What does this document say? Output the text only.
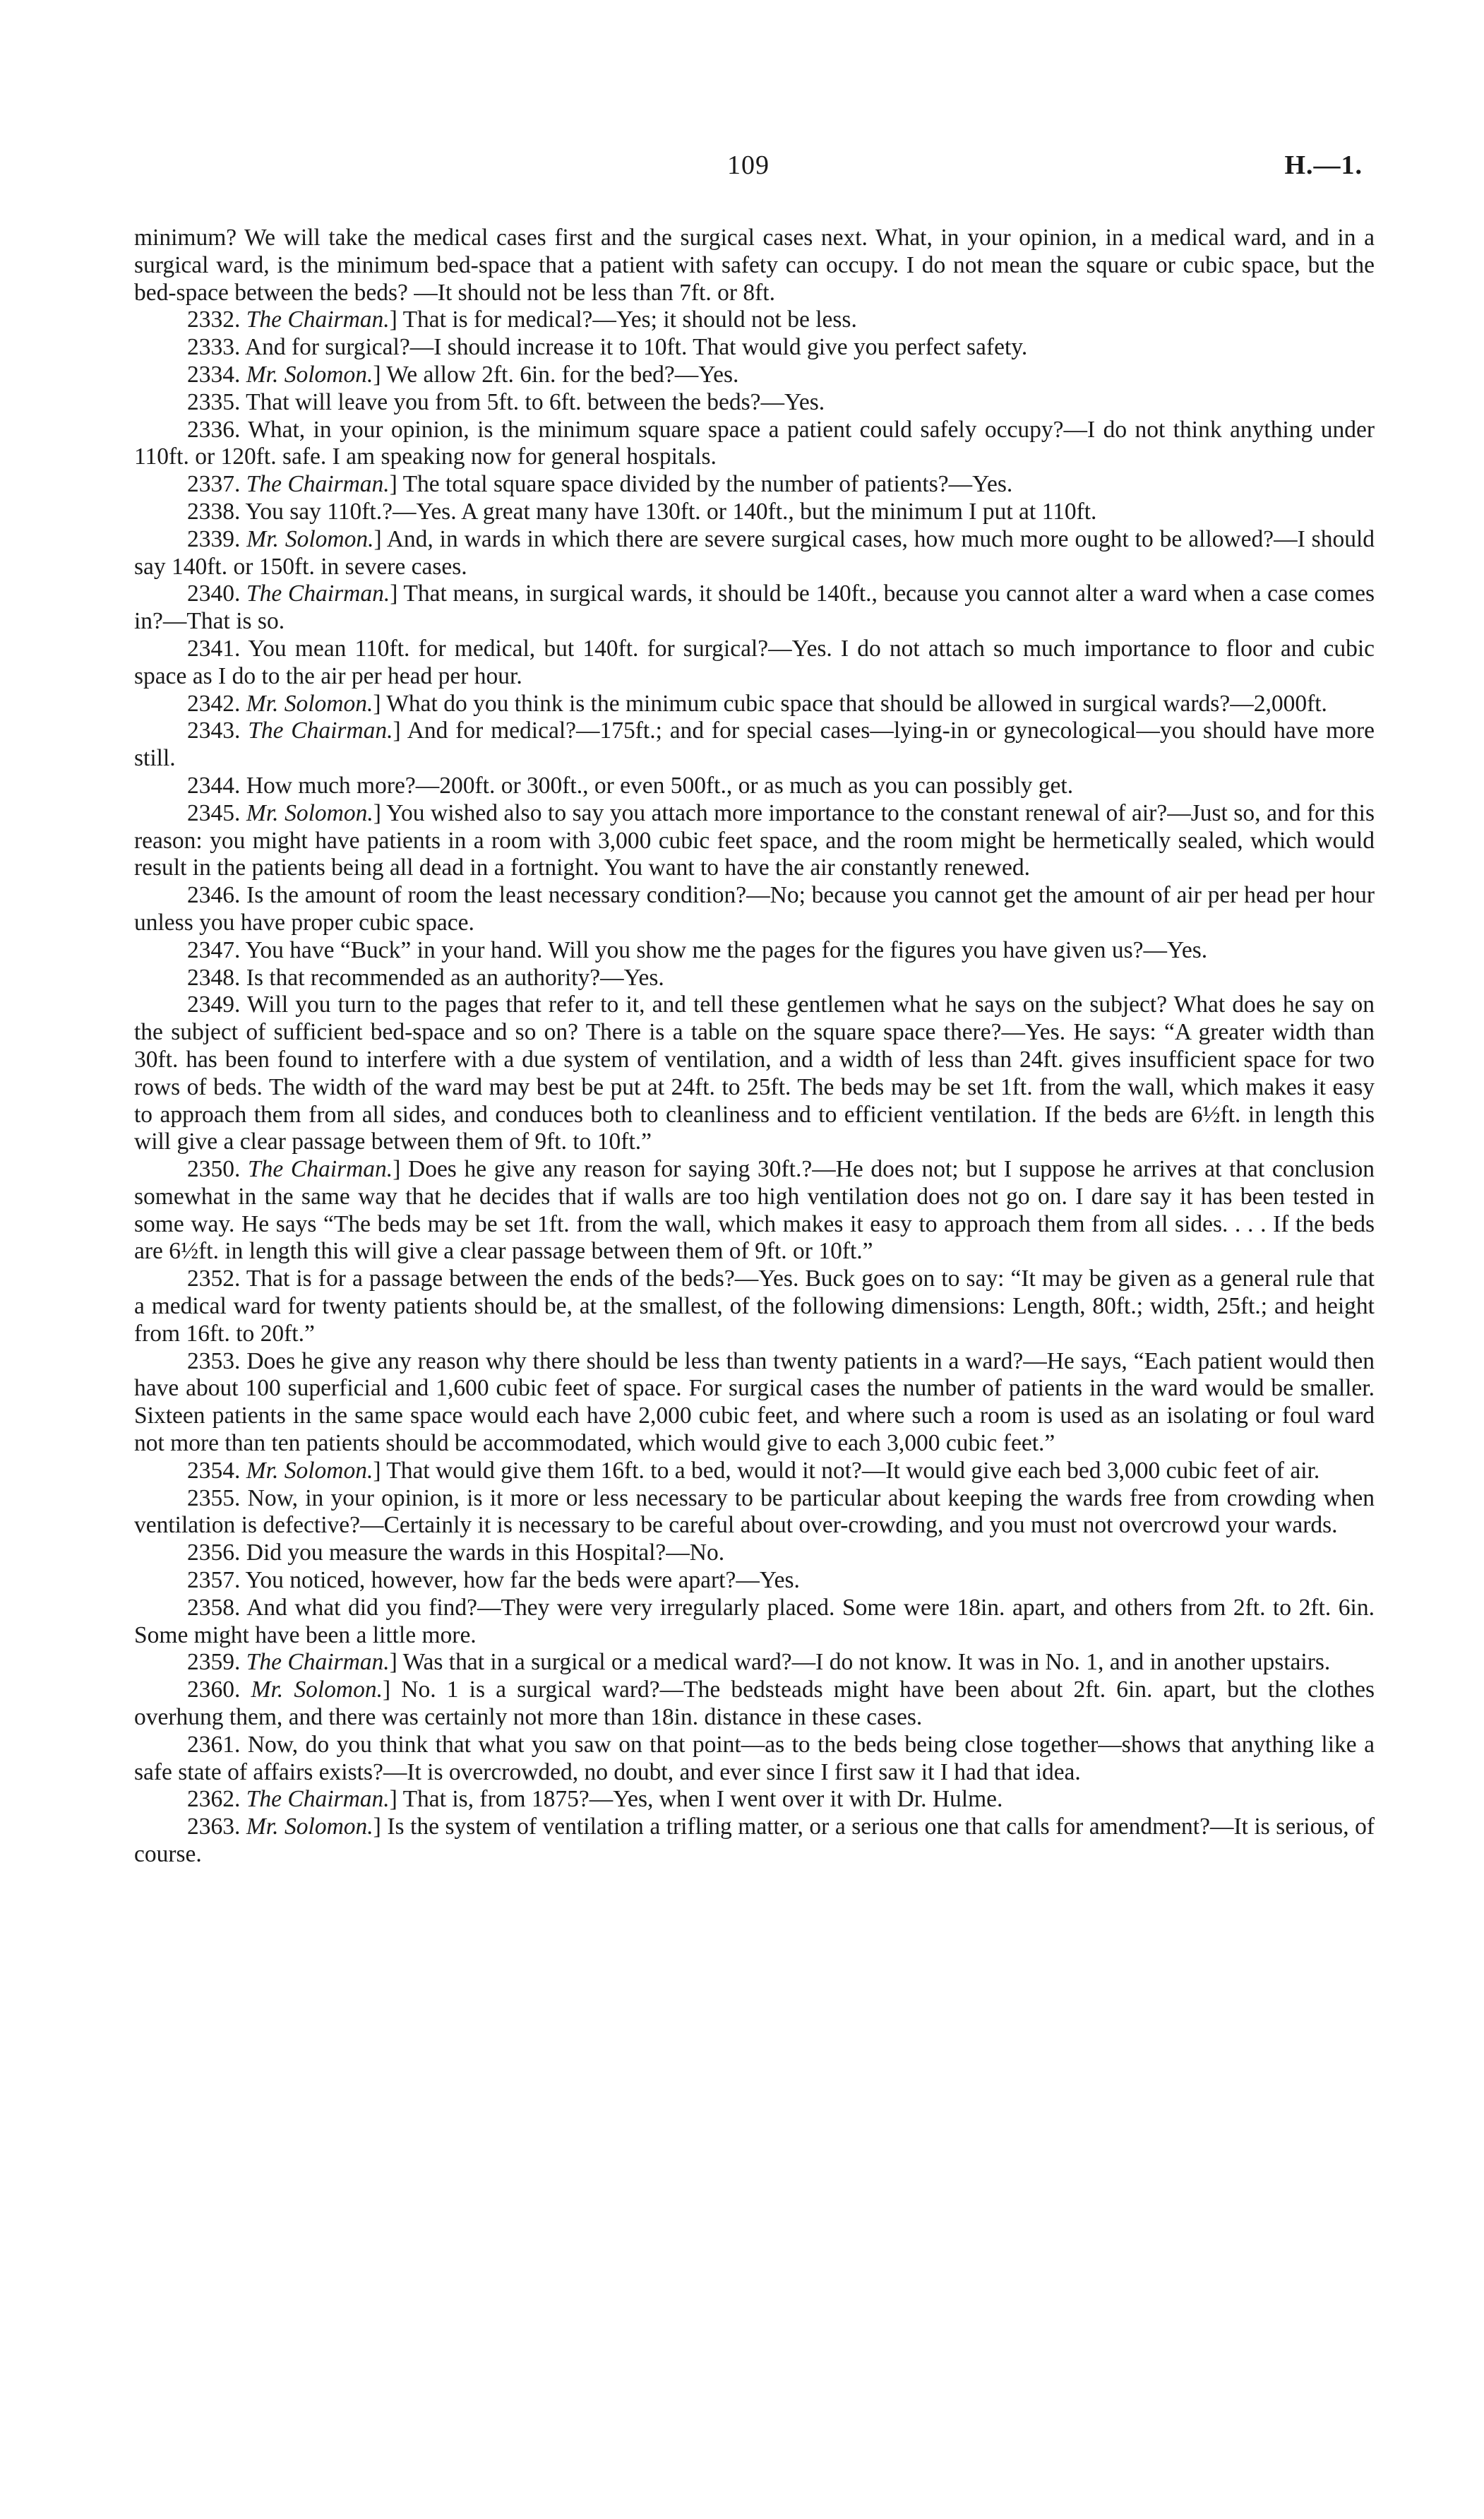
109	H.—1.

minimum? We will take the medical cases first and the surgical cases next. What, in your opinion, in a medical ward, and in a surgical ward, is the minimum bed-space that a patient with safety can occupy. I do not mean the square or cubic space, but the bed-space between the beds? —It should not be less than 7ft. or 8ft.

2332. The Chairman.] That is for medical?—Yes; it should not be less.

2333. And for surgical?—I should increase it to 10ft. That would give you perfect safety.

2334. Mr. Solomon.] We allow 2ft. 6in. for the bed?—Yes.

2335. That will leave you from 5ft. to 6ft. between the beds?—Yes.

2336. What, in your opinion, is the minimum square space a patient could safely occupy?—I do not think anything under 110ft. or 120ft. safe. I am speaking now for general hospitals.

2337. The Chairman.] The total square space divided by the number of patients?—Yes.

2338. You say 110ft.?—Yes. A great many have 130ft. or 140ft., but the minimum I put at 110ft.

2339. Mr. Solomon.] And, in wards in which there are severe surgical cases, how much more ought to be allowed?—I should say 140ft. or 150ft. in severe cases.

2340. The Chairman.] That means, in surgical wards, it should be 140ft., because you cannot alter a ward when a case comes in?—That is so.

2341. You mean 110ft. for medical, but 140ft. for surgical?—Yes. I do not attach so much importance to floor and cubic space as I do to the air per head per hour.

2342. Mr. Solomon.] What do you think is the minimum cubic space that should be allowed in surgical wards?—2,000ft.

2343. The Chairman.] And for medical?—175ft.; and for special cases—lying-in or gynecological—you should have more still.

2344. How much more?—200ft. or 300ft., or even 500ft., or as much as you can possibly get.

2345. Mr. Solomon.] You wished also to say you attach more importance to the constant renewal of air?—Just so, and for this reason: you might have patients in a room with 3,000 cubic feet space, and the room might be hermetically sealed, which would result in the patients being all dead in a fortnight. You want to have the air constantly renewed.

2346. Is the amount of room the least necessary condition?—No; because you cannot get the amount of air per head per hour unless you have proper cubic space.

2347. You have “Buck” in your hand. Will you show me the pages for the figures you have given us?—Yes.

2348. Is that recommended as an authority?—Yes.

2349. Will you turn to the pages that refer to it, and tell these gentlemen what he says on the subject? What does he say on the subject of sufficient bed-space and so on? There is a table on the square space there?—Yes. He says: “A greater width than 30ft. has been found to interfere with a due system of ventilation, and a width of less than 24ft. gives insufficient space for two rows of beds. The width of the ward may best be put at 24ft. to 25ft. The beds may be set 1ft. from the wall, which makes it easy to approach them from all sides, and conduces both to cleanliness and to efficient ventilation. If the beds are 6½ft. in length this will give a clear passage between them of 9ft. to 10ft.”

2350. The Chairman.] Does he give any reason for saying 30ft.?—He does not; but I suppose he arrives at that conclusion somewhat in the same way that he decides that if walls are too high ventilation does not go on. I dare say it has been tested in some way. He says “The beds may be set 1ft. from the wall, which makes it easy to approach them from all sides. . . . If the beds are 6½ft. in length this will give a clear passage between them of 9ft. or 10ft.”

2352. That is for a passage between the ends of the beds?—Yes. Buck goes on to say: “It may be given as a general rule that a medical ward for twenty patients should be, at the smallest, of the following dimensions: Length, 80ft.; width, 25ft.; and height from 16ft. to 20ft.”

2353. Does he give any reason why there should be less than twenty patients in a ward?—He says, “Each patient would then have about 100 superficial and 1,600 cubic feet of space. For surgical cases the number of patients in the ward would be smaller. Sixteen patients in the same space would each have 2,000 cubic feet, and where such a room is used as an isolating or foul ward not more than ten patients should be accommodated, which would give to each 3,000 cubic feet.”

2354. Mr. Solomon.] That would give them 16ft. to a bed, would it not?—It would give each bed 3,000 cubic feet of air.

2355. Now, in your opinion, is it more or less necessary to be particular about keeping the wards free from crowding when ventilation is defective?—Certainly it is necessary to be careful about over-crowding, and you must not overcrowd your wards.

2356. Did you measure the wards in this Hospital?—No.

2357. You noticed, however, how far the beds were apart?—Yes.

2358. And what did you find?—They were very irregularly placed. Some were 18in. apart, and others from 2ft. to 2ft. 6in. Some might have been a little more.

2359. The Chairman.] Was that in a surgical or a medical ward?—I do not know. It was in No. 1, and in another upstairs.

2360. Mr. Solomon.] No. 1 is a surgical ward?—The bedsteads might have been about 2ft. 6in. apart, but the clothes overhung them, and there was certainly not more than 18in. distance in these cases.

2361. Now, do you think that what you saw on that point—as to the beds being close together—shows that anything like a safe state of affairs exists?—It is overcrowded, no doubt, and ever since I first saw it I had that idea.

2362. The Chairman.] That is, from 1875?—Yes, when I went over it with Dr. Hulme.

2363. Mr. Solomon.] Is the system of ventilation a trifling matter, or a serious one that calls for amendment?—It is serious, of course.
